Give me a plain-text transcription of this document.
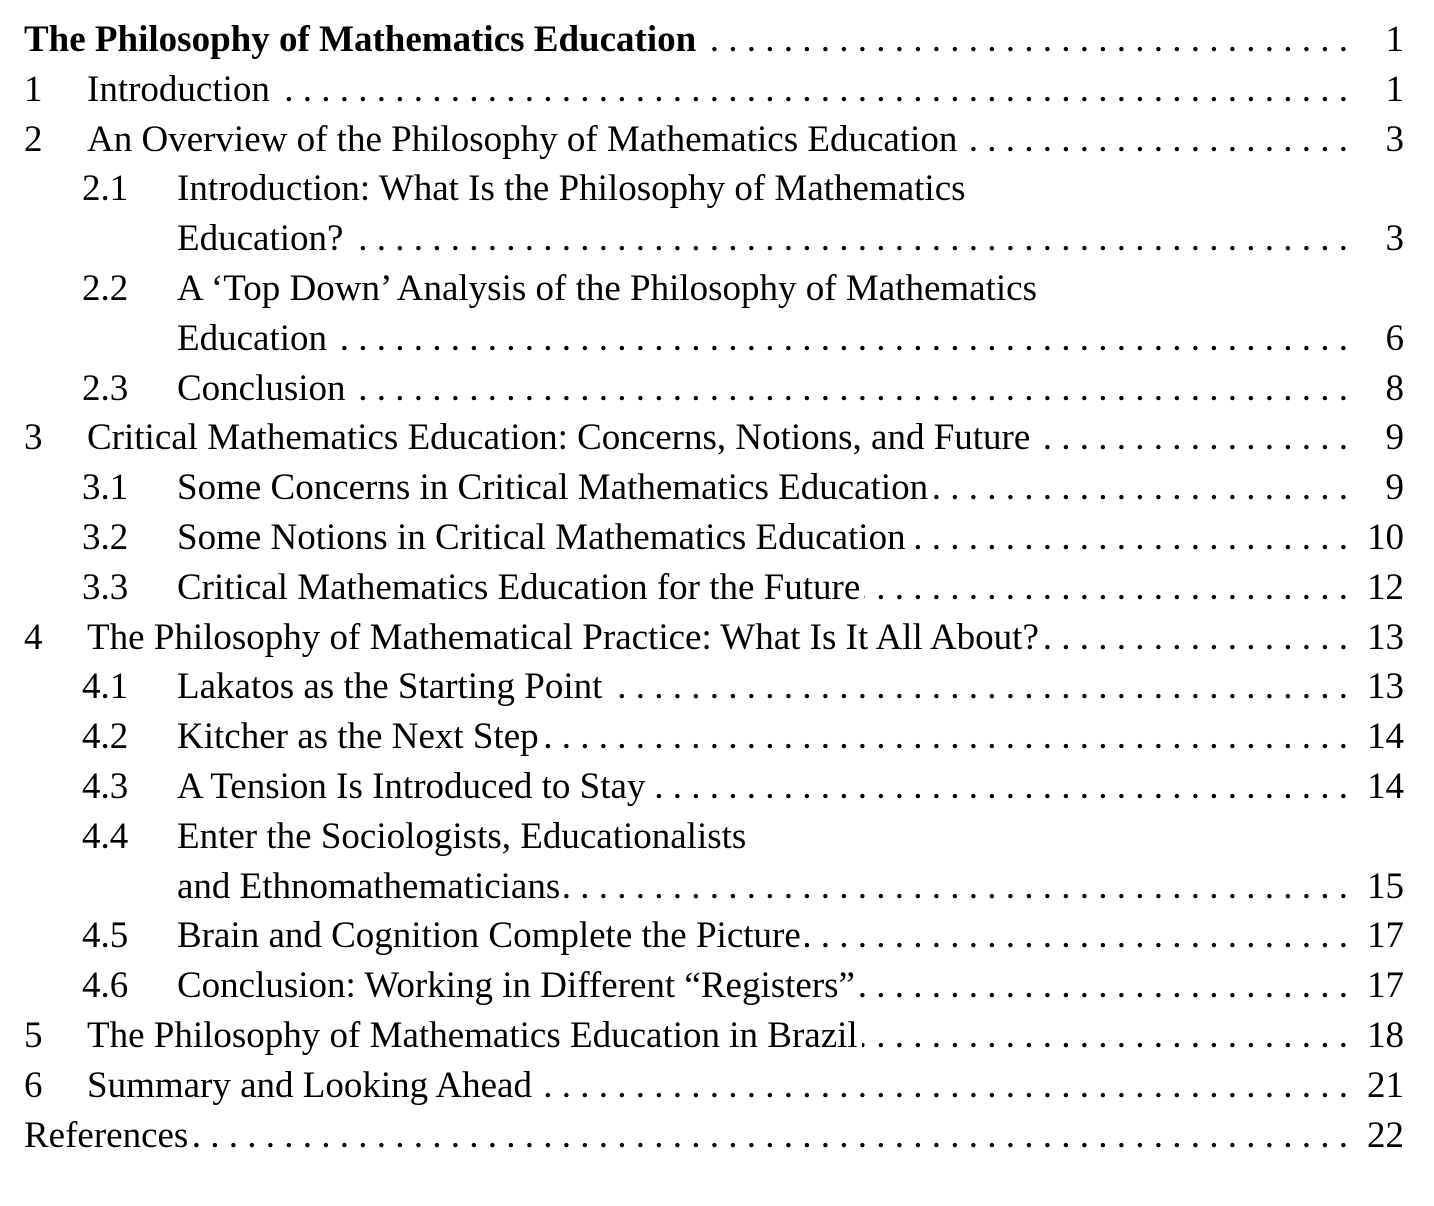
The Philosophy of Mathematics Education . . .	1
1	Introduction . . .	1
2	An Overview of the Philosophy of Mathematics Education . . .	3
2.1	Introduction: What Is the Philosophy of Mathematics
Education? . . .	3
2.2	A ‘Top Down’ Analysis of the Philosophy of Mathematics
Education . . .	6
2.3	Conclusion . . .	8
3	Critical Mathematics Education: Concerns, Notions, and Future . . .	9
3.1	Some Concerns in Critical Mathematics Education . . .	9
3.2	Some Notions in Critical Mathematics Education . . .	10
3.3	Critical Mathematics Education for the Future . . .	12
4	The Philosophy of Mathematical Practice: What Is It All About? . . .	13
4.1	Lakatos as the Starting Point . . .	13
4.2	Kitcher as the Next Step . . .	14
4.3	A Tension Is Introduced to Stay . . .	14
4.4	Enter the Sociologists, Educationalists
and Ethnomathematicians . . .	15
4.5	Brain and Cognition Complete the Picture . . .	17
4.6	Conclusion: Working in Different “Registers” . . .	17
5	The Philosophy of Mathematics Education in Brazil . . .	18
6	Summary and Looking Ahead . . .	21
References . . .	22
